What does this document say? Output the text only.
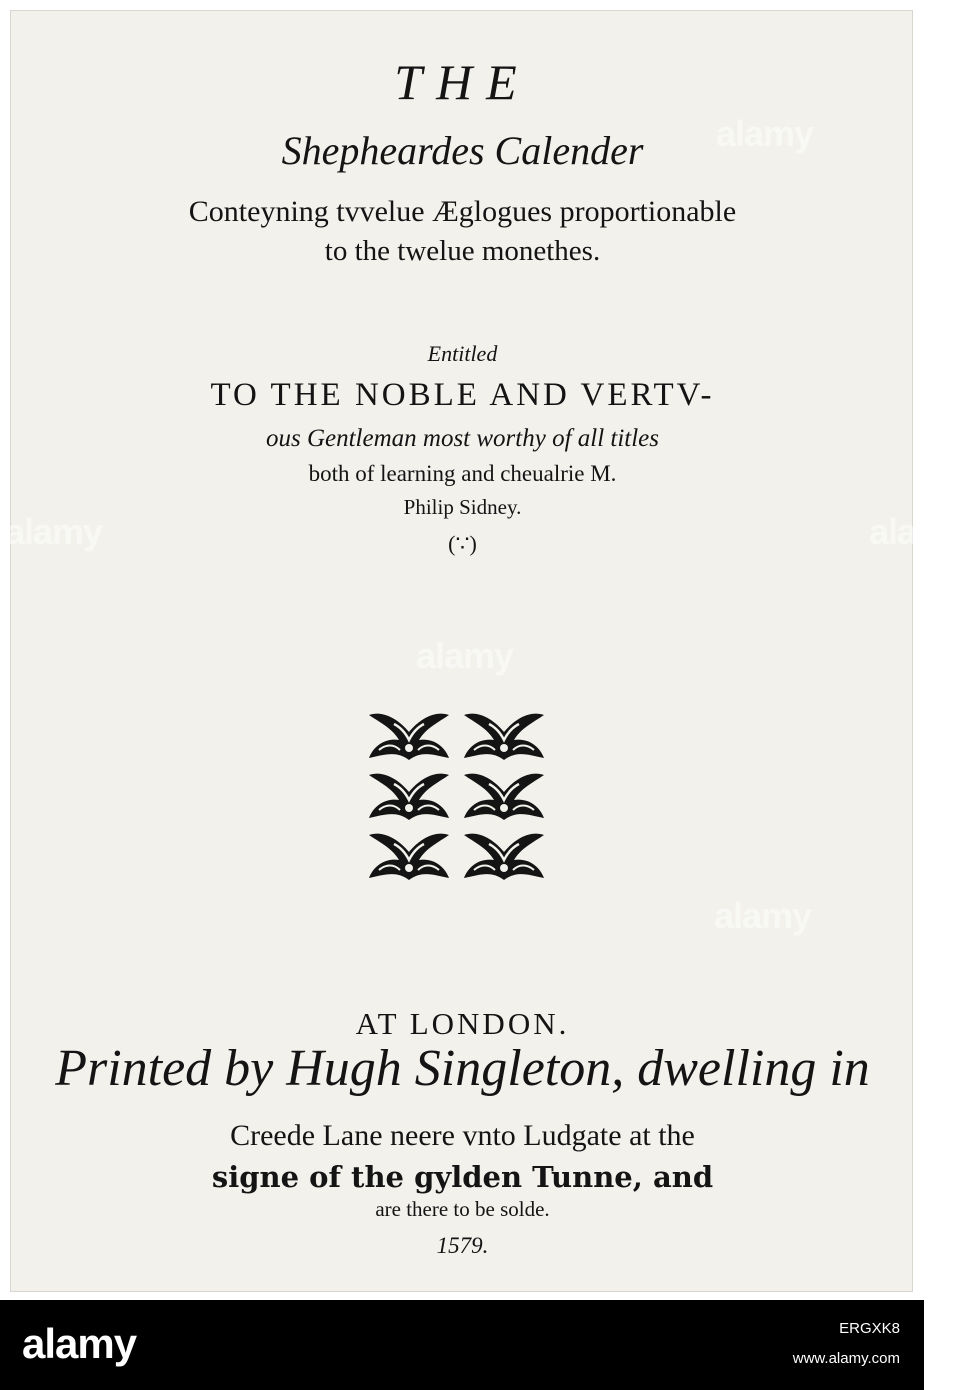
THE
Shepheardes Calender
Conteyning tvvelue Æglogues proportionable
to the twelue monethes.
Entitled
TO THE NOBLE AND VERTV-
ous Gentleman most worthy of all titles
both of learning and cheualrie M.
Philip Sidney.
(∵)
AT LONDON.
Printed by Hugh Singleton, dwelling in
Creede Lane neere vnto Ludgate at the
signe of the gylden Tunne, and
are there to be solde.
1579.
alamy
alamy
alamy
alamy	alamy
alamy	ERGXK8
www.alamy.com
